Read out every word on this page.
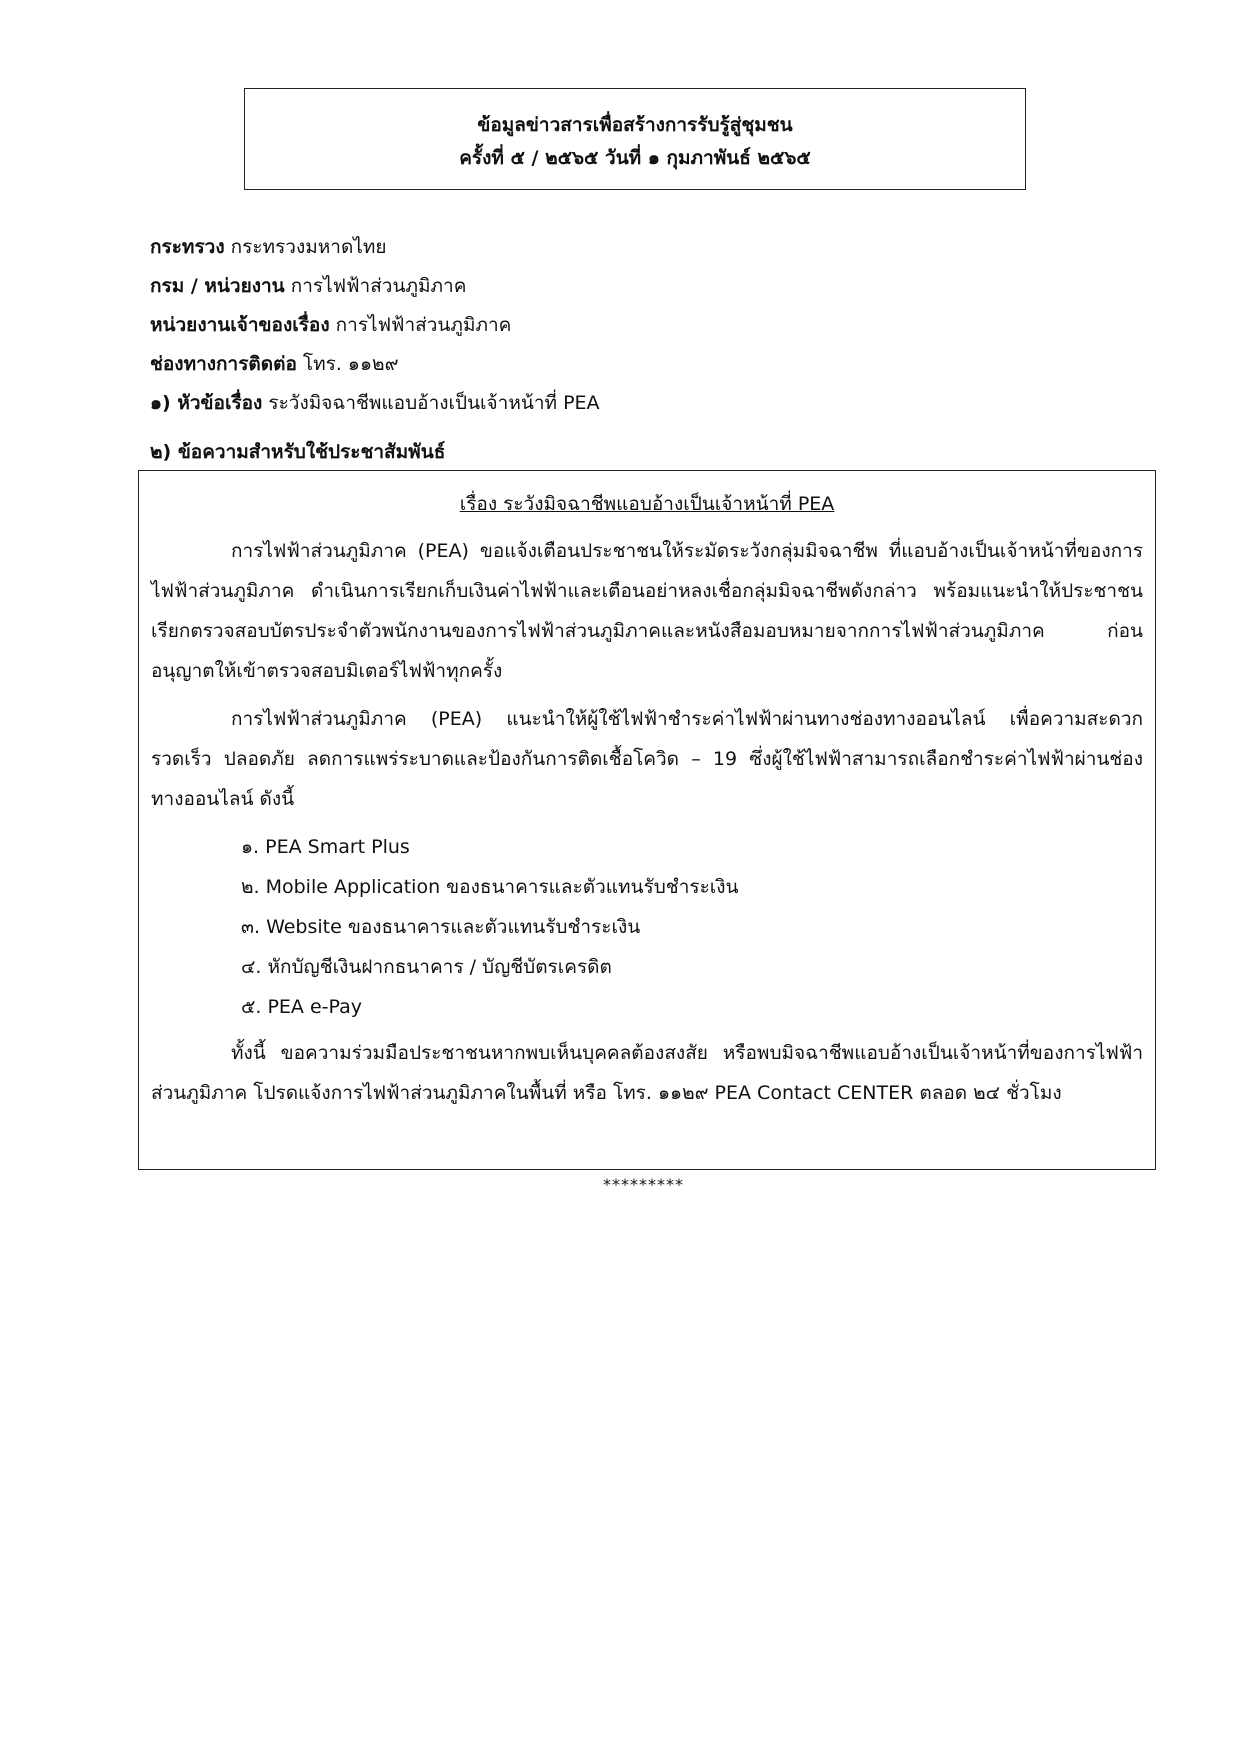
ข้อมูลข่าวสารเพื่อสร้างการรับรู้สู่ชุมชน
ครั้งที่ ๕ / ๒๕๖๕ วันที่ ๑ กุมภาพันธ์ ๒๕๖๕
กระทรวง กระทรวงมหาดไทย
กรม / หน่วยงาน การไฟฟ้าส่วนภูมิภาค
หน่วยงานเจ้าของเรื่อง การไฟฟ้าส่วนภูมิภาค
ช่องทางการติดต่อ โทร. ๑๑๒๙
๑) หัวข้อเรื่อง ระวังมิจฉาชีพแอบอ้างเป็นเจ้าหน้าที่ PEA
๒) ข้อความสำหรับใช้ประชาสัมพันธ์
เรื่อง ระวังมิจฉาชีพแอบอ้างเป็นเจ้าหน้าที่ PEA

การไฟฟ้าส่วนภูมิภาค (PEA) ขอแจ้งเตือนประชาชนให้ระมัดระวังกลุ่มมิจฉาชีพ ที่แอบอ้างเป็นเจ้าหน้าที่ของการไฟฟ้าส่วนภูมิภาค ดำเนินการเรียกเก็บเงินค่าไฟฟ้าและเตือนอย่าหลงเชื่อกลุ่มมิจฉาชีพดังกล่าว พร้อมแนะนำให้ประชาชนเรียกตรวจสอบบัตรประจำตัวพนักงานของการไฟฟ้าส่วนภูมิภาคและหนังสือมอบหมายจากการไฟฟ้าส่วนภูมิภาค ก่อนอนุญาตให้เข้าตรวจสอบมิเตอร์ไฟฟ้าทุกครั้ง

การไฟฟ้าส่วนภูมิภาค (PEA) แนะนำให้ผู้ใช้ไฟฟ้าชำระค่าไฟฟ้าผ่านทางช่องทางออนไลน์ เพื่อความสะดวก รวดเร็ว ปลอดภัย ลดการแพร่ระบาดและป้องกันการติดเชื้อโควิด – 19 ซึ่งผู้ใช้ไฟฟ้าสามารถเลือกชำระค่าไฟฟ้าผ่านช่องทางออนไลน์ ดังนี้

๑. PEA Smart Plus
๒. Mobile Application ของธนาคารและตัวแทนรับชำระเงิน
๓. Website ของธนาคารและตัวแทนรับชำระเงิน
๔. หักบัญชีเงินฝากธนาคาร / บัญชีบัตรเครดิต
๕. PEA e-Pay

ทั้งนี้ ขอความร่วมมือประชาชนหากพบเห็นบุคคลต้องสงสัย หรือพบมิจฉาชีพแอบอ้างเป็นเจ้าหน้าที่ของการไฟฟ้าส่วนภูมิภาค โปรดแจ้งการไฟฟ้าส่วนภูมิภาคในพื้นที่ หรือ โทร. ๑๑๒๙ PEA Contact CENTER ตลอด ๒๔ ชั่วโมง

*********
